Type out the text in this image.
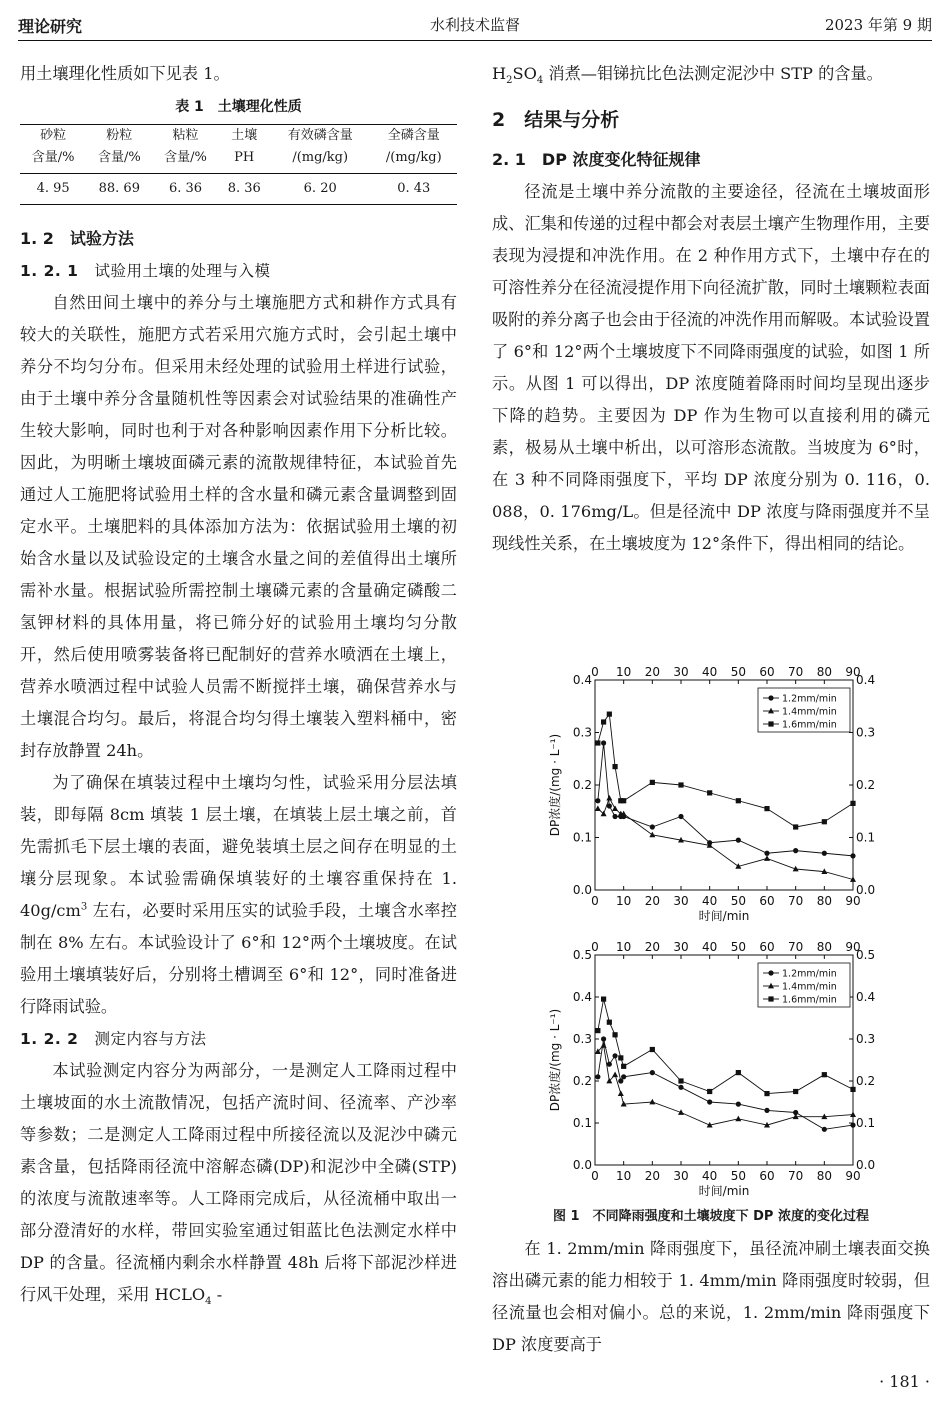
理论研究	水利技术监督	2023 年第 9 期

用土壤理化性质如下见表 1。

表 1　土壤理化性质
砂粒	粉粒	粘粒	土壤	有效磷含量	全磷含量
含量/%	含量/%	含量/%	PH	/(mg/kg)	/(mg/kg)
4. 95	88. 69	6. 36	8. 36	6. 20	0. 43

1. 2　试验方法

1. 2. 1　 试验用土壤的处理与入模

自然田间土壤中的养分与土壤施肥方式和耕作方式具有较大的关联性，施肥方式若采用穴施方式时，会引起土壤中养分不均匀分布。但采用未经处理的试验用土样进行试验，由于土壤中养分含量随机性等因素会对试验结果的准确性产生较大影响，同时也利于对各种影响因素作用下分析比较。因此，为明晰土壤坡面磷元素的流散规律特征，本试验首先通过人工施肥将试验用土样的含水量和磷元素含量调整到固定水平。土壤肥料的具体添加方法为：依据试验用土壤的初始含水量以及试验设定的土壤含水量之间的差值得出土壤所需补水量。根据试验所需控制土壤磷元素的含量确定磷酸二氢钾材料的具体用量，将已筛分好的试验用土壤均匀分散开，然后使用喷雾装备将已配制好的营养水喷洒在土壤上，营养水喷洒过程中试验人员需不断搅拌土壤，确保营养水与土壤混合均匀。最后，将混合均匀得土壤装入塑料桶中，密封存放静置 24h。

为了确保在填装过程中土壤均匀性，试验采用分层法填装，即每隔 8cm 填装 1 层土壤，在填装上层土壤之前，首先需抓毛下层土壤的表面，避免装填土层之间存在明显的土壤分层现象。本试验需确保填装好的土壤容重保持在 1. $40g/cm^3$ 左右，必要时采用压实的试验手段，土壤含水率控制在 8% 左右。本试验设计了 6°和 12°两个土壤坡度。在试验用土壤填装好后，分别将土槽调至 6°和 12°，同时准备进行降雨试验。

1. 2. 2　 测定内容与方法

本试验测定内容分为两部分，一是测定人工降雨过程中土壤坡面的水土流散情况，包括产流时间、径流率、产沙率等参数；二是测定人工降雨过程中所接径流以及泥沙中磷元素含量，包括降雨径流中溶解态磷(DP)和泥沙中全磷(STP)的浓度与流散速率等。人工降雨完成后，从径流桶中取出一部分澄清好的水样，带回实验室通过钼蓝比色法测定水样中 DP 的含量。径流桶内剩余水样静置 48h 后将下部泥沙样进行风干处理，采用 $HCLO_4$ -

$H_2SO_4$ 消煮—钼锑抗比色法测定泥沙中 STP 的含量。

2　结果与分析

2. 1　DP 浓度变化特征规律

径流是土壤中养分流散的主要途径，径流在土壤坡面形成、汇集和传递的过程中都会对表层土壤产生物理作用，主要表现为浸提和冲洗作用。在 2 种作用方式下，土壤中存在的可溶性养分在径流浸提作用下向径流扩散，同时土壤颗粒表面吸附的养分离子也会由于径流的冲洗作用而解吸。本试验设置了 6°和 12°两个土壤坡度下不同降雨强度的试验，如图 1 所示。从图 1 可以得出，DP 浓度随着降雨时间均呈现出逐步下降的趋势。主要因为 DP 作为生物可以直接利用的磷元素，极易从土壤中析出，以可溶形态流散。当坡度为 6°时，在 3 种不同降雨强度下，平均 DP 浓度分别为 0. 116，0. 088，0. 176mg/L。但是径流中 DP 浓度与降雨强度并不呈现线性关系，在土壤坡度为 12°条件下，得出相同的结论。

0
0
10
10
20
20
30
30
40
40
50
50
60
60
70
70
80
80
90
90
0.0	0.0
0.1	0.1
0.2	0.2
0.3	0.3
0.4	0.4
时间/min
DP浓度/(mg · L⁻¹)
1.2mm/min
1.4mm/min
1.6mm/min
0
0
10
10
20
20
30
30
40
40
50
50
60
60
70
70
80
80
90
90
0.0	0.0
0.1	0.1
0.2	0.2
0.3	0.3
0.4	0.4
0.5	0.5
时间/min
DP浓度/(mg · L⁻¹)
1.2mm/min
1.4mm/min
1.6mm/min
图 1　不同降雨强度和土壤坡度下 DP 浓度的变化过程

在 1. 2mm/min 降雨强度下，虽径流冲刷土壤表面交换溶出磷元素的能力相较于 1. 4mm/min 降雨强度时较弱，但径流量也会相对偏小。总的来说，1. 2mm/min 降雨强度下 DP 浓度要高于

· 181 ·
